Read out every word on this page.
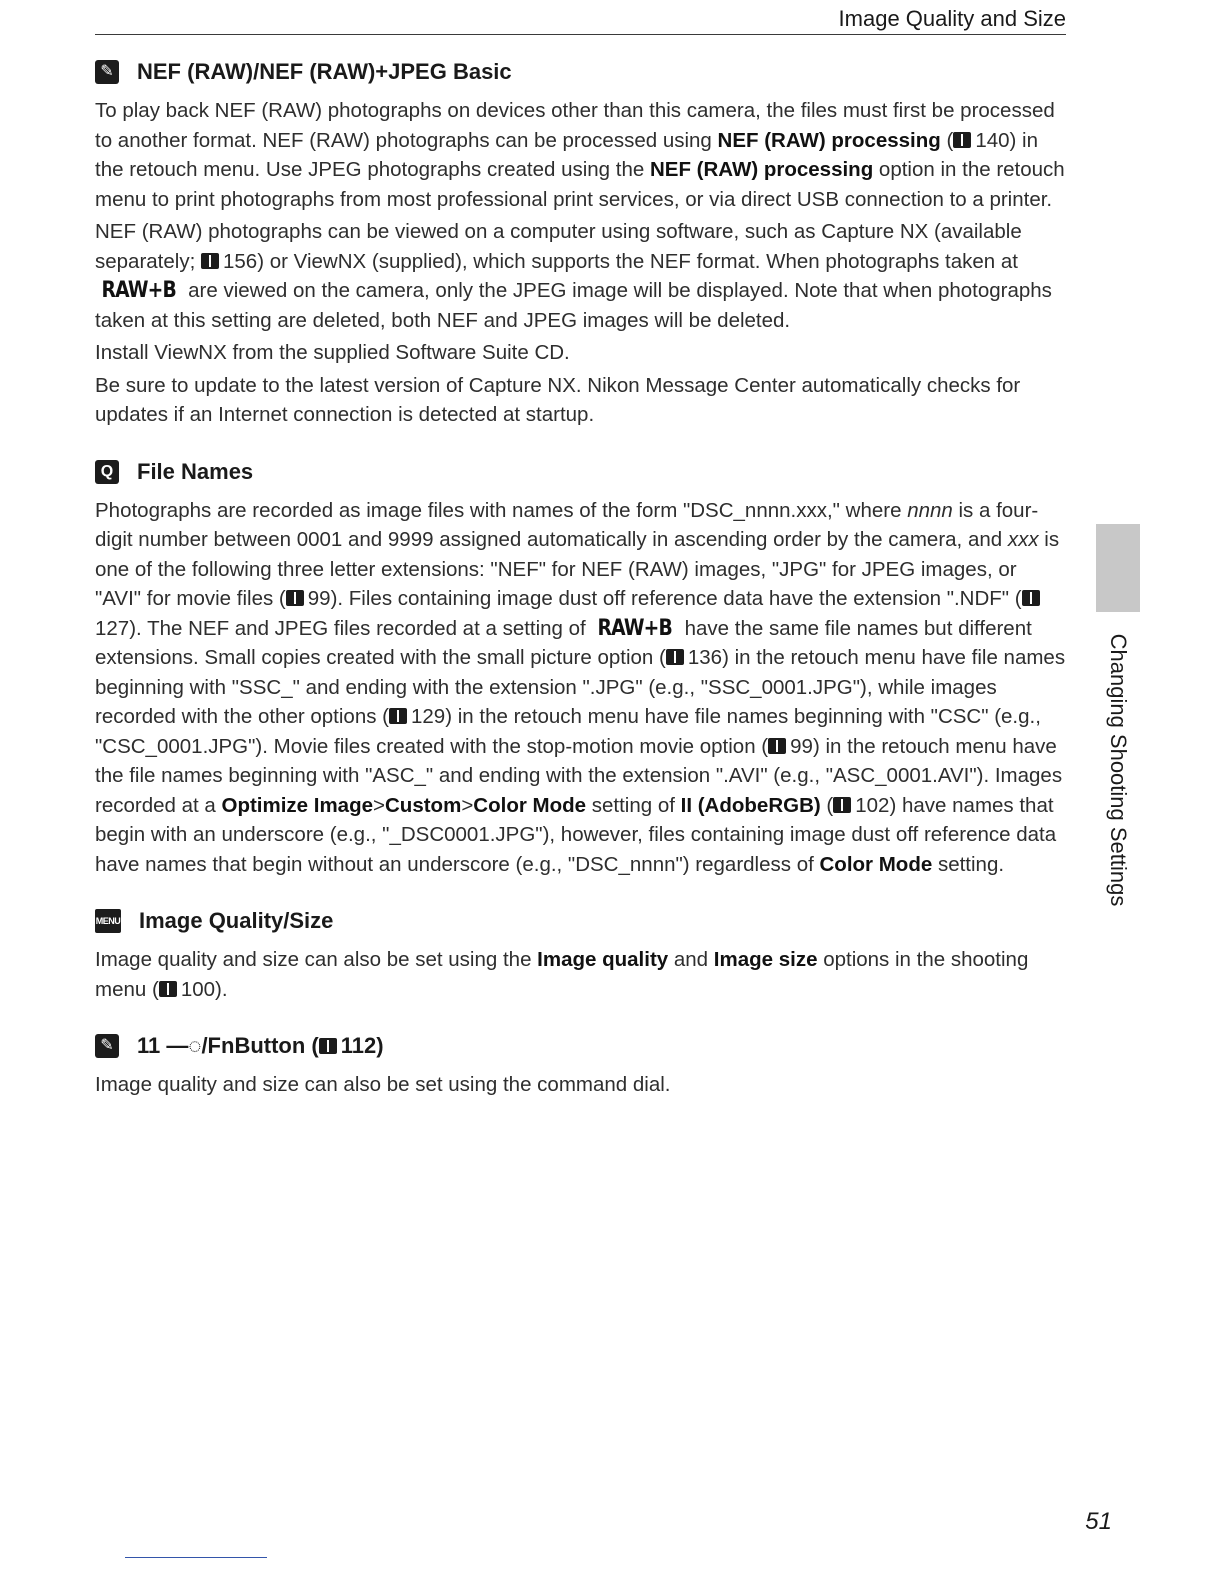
Image Quality and Size
✎ NEF (RAW)/NEF (RAW)+JPEG Basic

To play back NEF (RAW) photographs on devices other than this camera, the files must first be processed to another format. NEF (RAW) photographs can be processed using NEF (RAW) processing ( 140) in the retouch menu. Use JPEG photographs created using the NEF (RAW) processing option in the retouch menu to print photographs from most professional print services, or via direct USB connection to a printer.

NEF (RAW) photographs can be viewed on a computer using software, such as Capture NX (available separately; 156) or ViewNX (supplied), which supports the NEF format. When photographs taken at RAW+B are viewed on the camera, only the JPEG image will be displayed. Note that when photographs taken at this setting are deleted, both NEF and JPEG images will be deleted.

Install ViewNX from the supplied Software Suite CD.

Be sure to update to the latest version of Capture NX. Nikon Message Center automatically checks for updates if an Internet connection is detected at startup.

Q File Names

Photographs are recorded as image files with names of the form "DSC_nnnn.xxx," where nnnn is a four-digit number between 0001 and 9999 assigned automatically in ascending order by the camera, and xxx is one of the following three letter extensions: "NEF" for NEF (RAW) images, "JPG" for JPEG images, or "AVI" for movie files ( 99). Files containing image dust off reference data have the extension ".NDF" (127). The NEF and JPEG files recorded at a setting of RAW+B have the same file names but different extensions. Small copies created with the small picture option ( 136) in the retouch menu have file names beginning with "SSC_" and ending with the extension ".JPG" (e.g., "SSC_0001.JPG"), while images recorded with the other options ( 129) in the retouch menu have file names beginning with "CSC" (e.g., "CSC_0001.JPG"). Movie files created with the stop-motion movie option ( 99) in the retouch menu have the file names beginning with "ASC_" and ending with the extension ".AVI" (e.g., "ASC_0001.AVI"). Images recorded at a Optimize Image>Custom>Color Mode setting of II (AdobeRGB) ( 102) have names that begin with an underscore (e.g., "_DSC0001.JPG"), however, files containing image dust off reference data have names that begin without an underscore (e.g., "DSC_nnnn") regardless of Color Mode setting.

MENU Image Quality/Size

Image quality and size can also be set using the Image quality and Image size options in the shooting menu ( 100).

✎ 11 — ◌/Fn Button ( 112 )

Image quality and size can also be set using the command dial.

Changing Shooting Settings
51
